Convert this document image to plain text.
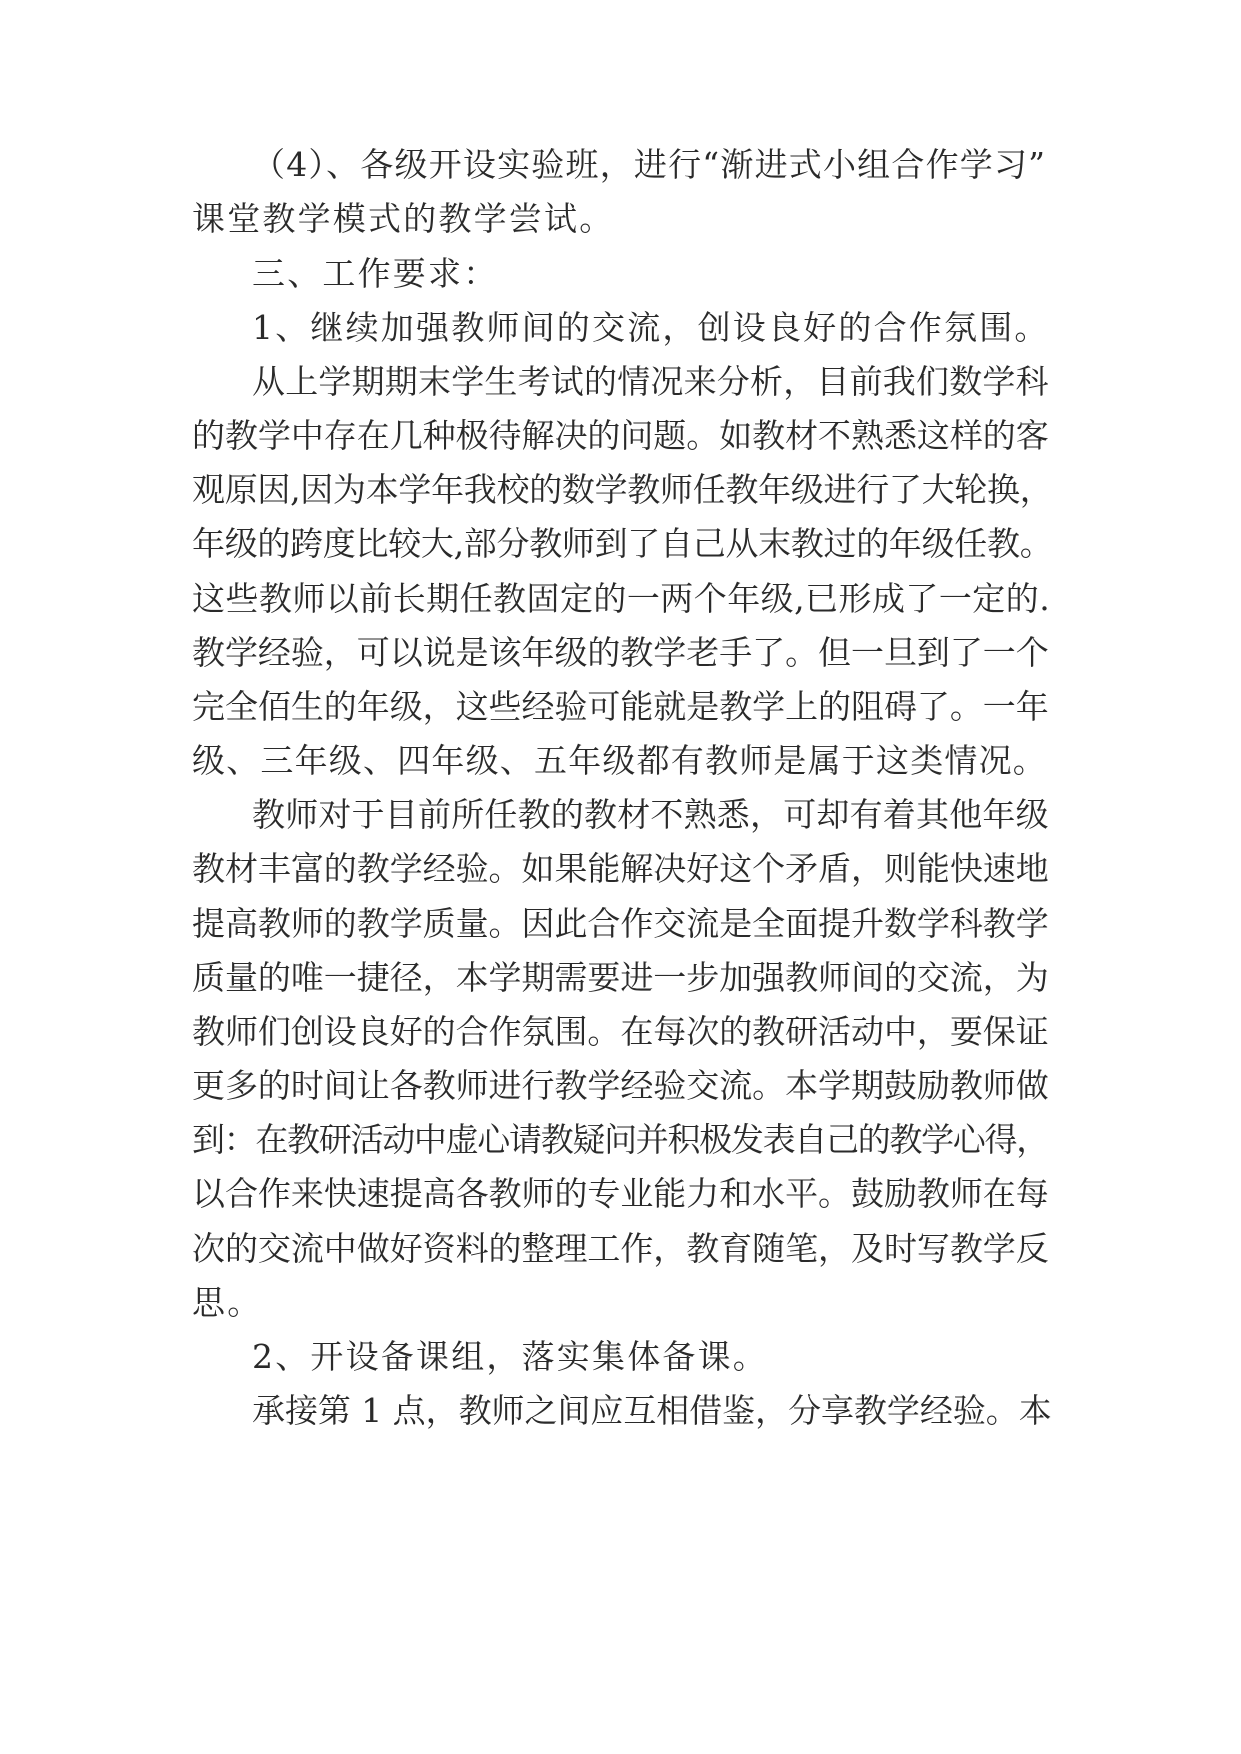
（4）、各级开设实验班，进行“渐进式小组合作学习”
课堂教学模式的教学尝试。
三、工作要求：
1、继续加强教师间的交流，创设良好的合作氛围。
从上学期期末学生考试的情况来分析，目前我们数学科
的教学中存在几种极待解决的问题。如教材不熟悉这样的客
观原因,因为本学年我校的数学教师任教年级进行了大轮换，
年级的跨度比较大,部分教师到了自己从末教过的年级任教。
这些教师以前长期任教固定的一两个年级,已形成了一定的.
教学经验，可以说是该年级的教学老手了。但一旦到了一个
完全佰生的年级，这些经验可能就是教学上的阻碍了。一年
级、三年级、四年级、五年级都有教师是属于这类情况。
教师对于目前所任教的教材不熟悉，可却有着其他年级
教材丰富的教学经验。如果能解决好这个矛盾，则能快速地
提高教师的教学质量。因此合作交流是全面提升数学科教学
质量的唯一捷径，本学期需要进一步加强教师间的交流，为
教师们创设良好的合作氛围。在每次的教研活动中，要保证
更多的时间让各教师进行教学经验交流。本学期鼓励教师做
到：在教研活动中虚心请教疑问并积极发表自己的教学心得，
以合作来快速提高各教师的专业能力和水平。鼓励教师在每
次的交流中做好资料的整理工作，教育随笔，及时写教学反
思。
2、开设备课组，落实集体备课。
承接第 1 点，教师之间应互相借鉴，分享教学经验。本
